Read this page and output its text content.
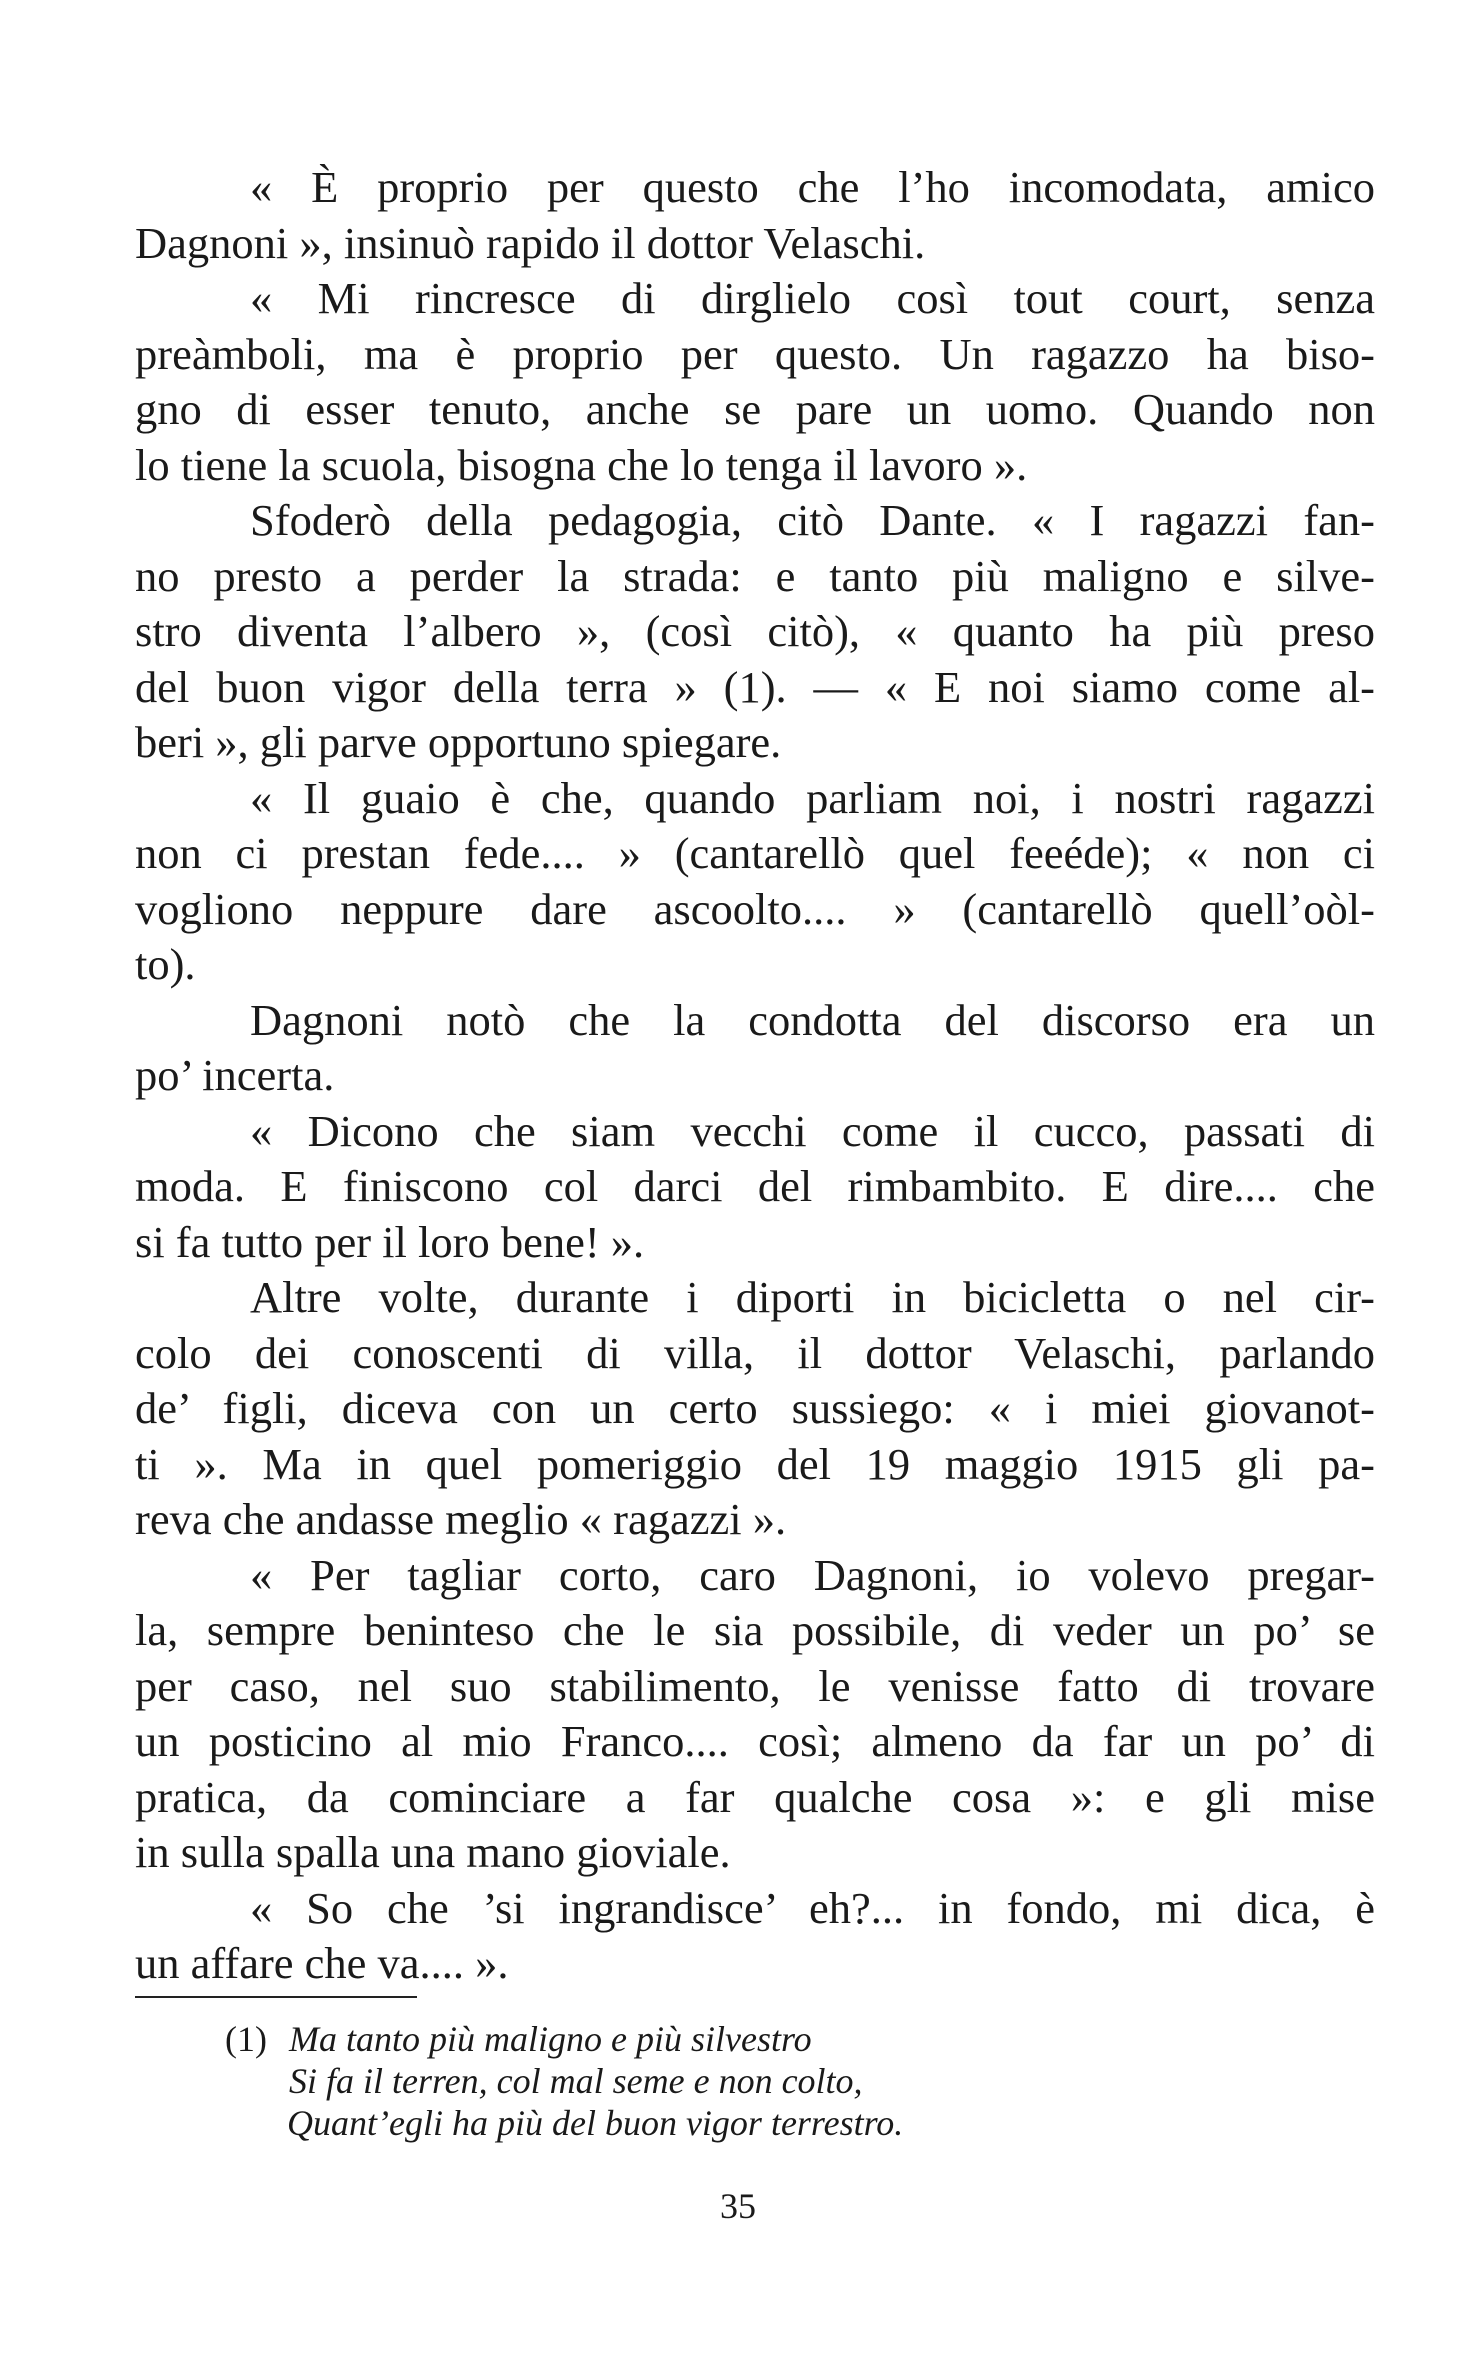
« È proprio per questo che l’ho incomodata, amico
Dagnoni », insinuò rapido il dottor Velaschi.
« Mi rincresce di dirglielo così tout court, senza
preàmboli, ma è proprio per questo. Un ragazzo ha biso-
gno di esser tenuto, anche se pare un uomo. Quando non
lo tiene la scuola, bisogna che lo tenga il lavoro ».
Sfoderò della pedagogia, citò Dante. « I ragazzi fan-
no presto a perder la strada: e tanto più maligno e silve-
stro diventa l’albero », (così citò), « quanto ha più preso
del buon vigor della terra » (1). — « E noi siamo come al-
beri », gli parve opportuno spiegare.
« Il guaio è che, quando parliam noi, i nostri ragazzi
non ci prestan fede.... » (cantarellò quel feeéde); « non ci
vogliono neppure dare ascoolto.... » (cantarellò quell’oòl-
to).
Dagnoni notò che la condotta del discorso era un
po’ incerta.
« Dicono che siam vecchi come il cucco, passati di
moda. E finiscono col darci del rimbambito. E dire.... che
si fa tutto per il loro bene! ».
Altre volte, durante i diporti in bicicletta o nel cir-
colo dei conoscenti di villa, il dottor Velaschi, parlando
de’ figli, diceva con un certo sussiego: « i miei giovanot-
ti ». Ma in quel pomeriggio del 19 maggio 1915 gli pa-
reva che andasse meglio « ragazzi ».
« Per tagliar corto, caro Dagnoni, io volevo pregar-
la, sempre beninteso che le sia possibile, di veder un po’ se
per caso, nel suo stabilimento, le venisse fatto di trovare
un posticino al mio Franco.... così; almeno da far un po’ di
pratica, da cominciare a far qualche cosa »: e gli mise
in sulla spalla una mano gioviale.
« So che ’si ingrandisce’ eh?... in fondo, mi dica, è
un affare che va.... ».
(1) Ma tanto più maligno e più silvestro
Si fa il terren, col mal seme e non colto,
Quant’egli ha più del buon vigor terrestro.
35
